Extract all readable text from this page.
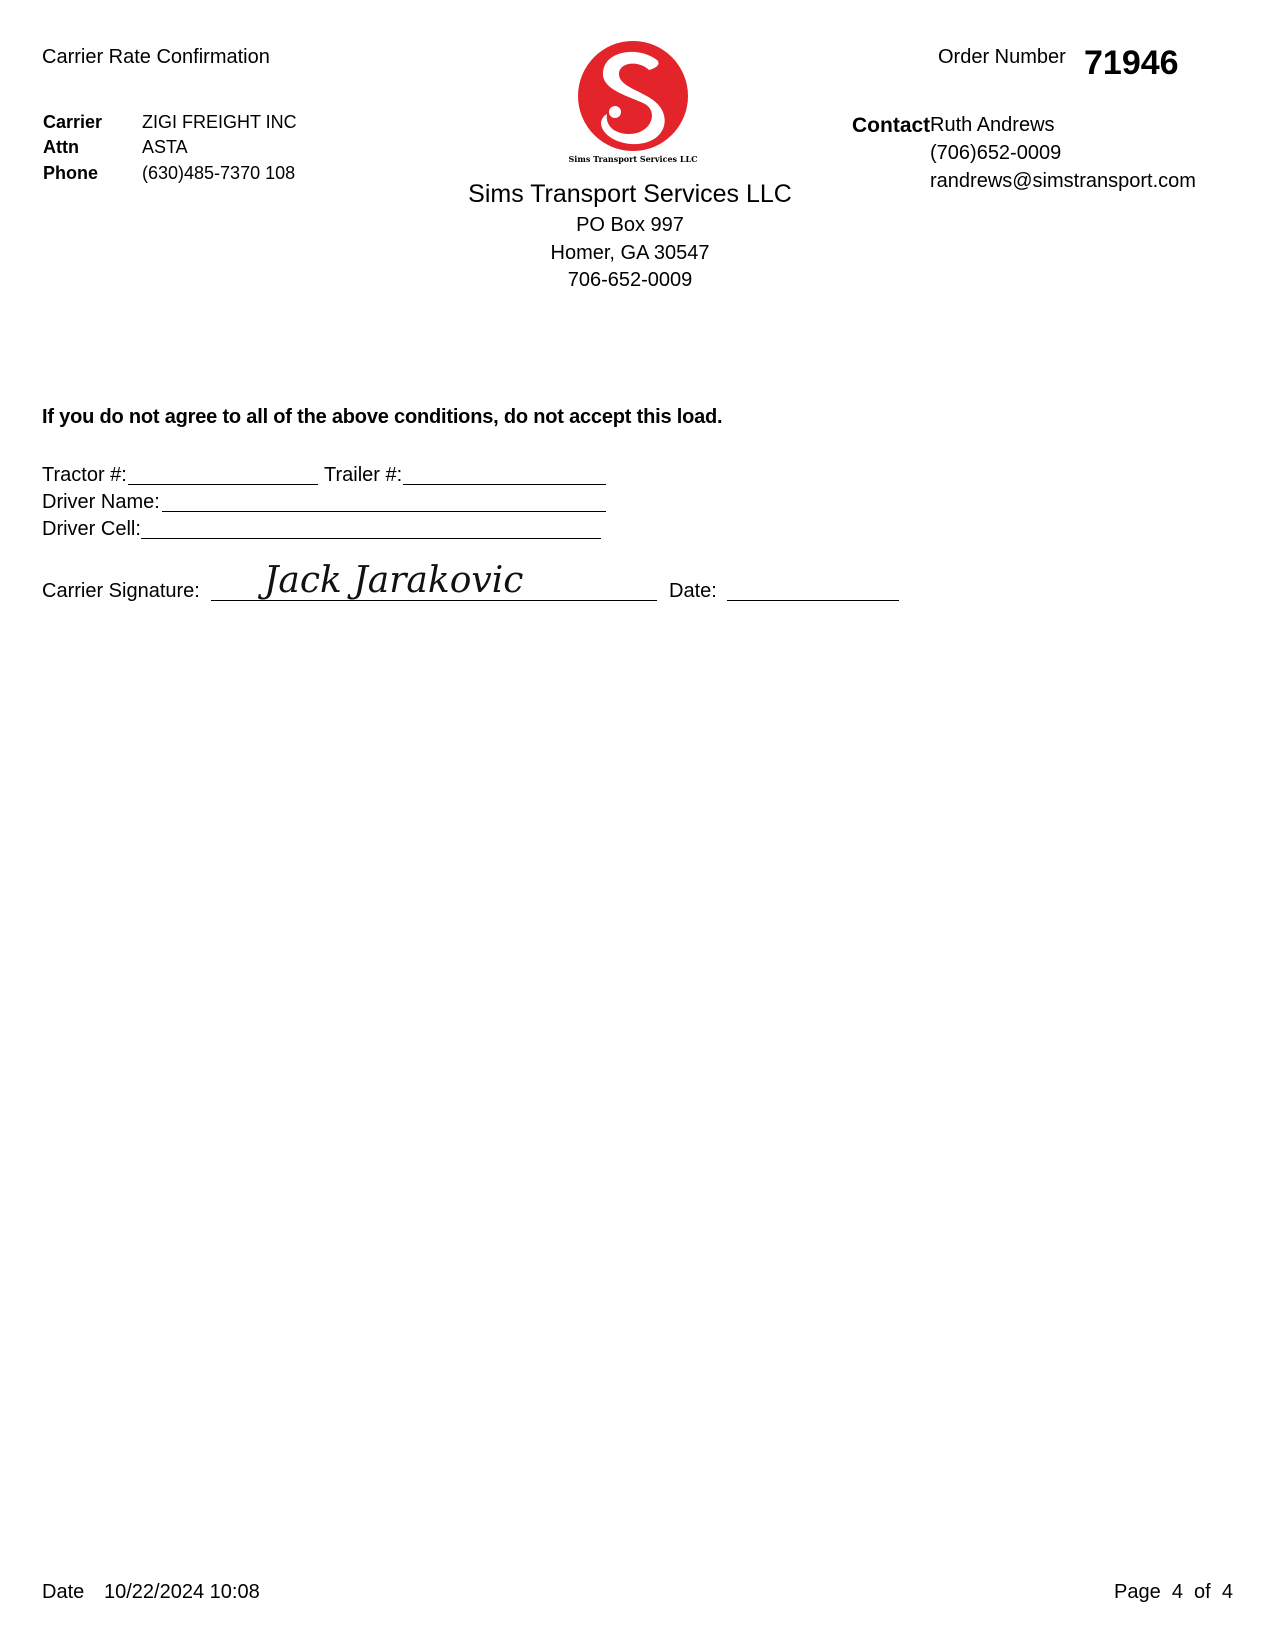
Carrier Rate Confirmation
Carrier ZIGI FREIGHT INC
Attn	ASTA
Phone (630)485-7370 108
Sims Transport Services LLC
Sims Transport Services LLC
PO Box 997
Homer, GA 30547
706-652-0009
Order Number 71946
Contact Ruth Andrews
(706)652-0009
randrews@simstransport.com
If you do not agree to all of the above conditions, do not accept this load.
Tractor #:	Trailer #:
Driver Name:
Driver Cell:
Carrier Signature: Jack Jarakovic	Date:
Date 10/22/2024 10:08	Page  4  of  4
